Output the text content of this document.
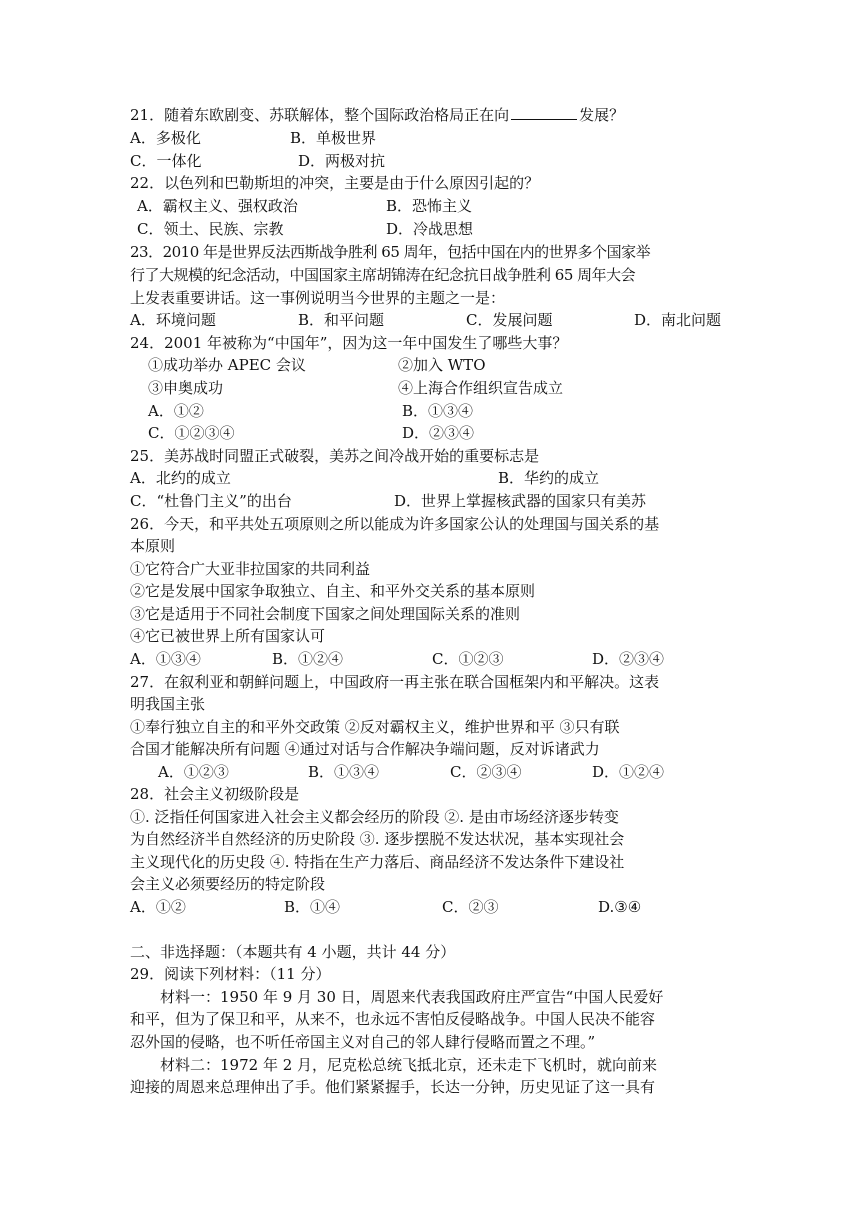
21．随着东欧剧变、苏联解体，整个国际政治格局正在向	发展？
A．多极化	B．单极世界
C．一体化	D．两极对抗
22．以色列和巴勒斯坦的冲突，主要是由于什么原因引起的？
A．霸权主义、强权政治	B．恐怖主义
C．领土、民族、宗教	D．冷战思想
23．2010 年是世界反法西斯战争胜利 65 周年，包括中国在内的世界多个国家举
行了大规模的纪念活动，中国国家主席胡锦涛在纪念抗日战争胜利 65 周年大会
上发表重要讲话。这一事例说明当今世界的主题之一是：
A．环境问题	B．和平问题	C．发展问题	D．南北问题
24．2001 年被称为“中国年”，因为这一年中国发生了哪些大事？
①成功举办 APEC 会议	②加入 WTO
③申奥成功	④上海合作组织宣告成立
A．①②	B．①③④
C．①②③④	D．②③④
25．美苏战时同盟正式破裂，美苏之间冷战开始的重要标志是
A．北约的成立	B．华约的成立
C．“杜鲁门主义”的出台	D．世界上掌握核武器的国家只有美苏
26．今天，和平共处五项原则之所以能成为许多国家公认的处理国与国关系的基
本原则
①它符合广大亚非拉国家的共同利益
②它是发展中国家争取独立、自主、和平外交关系的基本原则
③它是适用于不同社会制度下国家之间处理国际关系的准则
④它已被世界上所有国家认可
A．①③④	B．①②④	C．①②③	D．②③④
27．在叙利亚和朝鲜问题上，中国政府一再主张在联合国框架内和平解决。这表
明我国主张
①奉行独立自主的和平外交政策 ②反对霸权主义，维护世界和平 ③只有联
合国才能解决所有问题 ④通过对话与合作解决争端问题，反对诉诸武力
A．①②③	B．①③④	C．②③④	D．①②④
28．社会主义初级阶段是
①. 泛指任何国家进入社会主义都会经历的阶段 ②. 是由市场经济逐步转变
为自然经济半自然经济的历史阶段 ③. 逐步摆脱不发达状况，基本实现社会
主义现代化的历史段 ④. 特指在生产力落后、商品经济不发达条件下建设社
会主义必须要经历的特定阶段
A．①②	B．①④	C．②③	D.③④
二、非选择题：（本题共有 4 小题，共计 44 分）
29．阅读下列材料：（11 分）
材料一：1950 年 9 月 30 日，周恩来代表我国政府庄严宣告“中国人民爱好
和平，但为了保卫和平，从来不，也永远不害怕反侵略战争。中国人民决不能容
忍外国的侵略，也不听任帝国主义对自己的邻人肆行侵略而置之不理。”
材料二：1972 年 2 月，尼克松总统飞抵北京，还未走下飞机时，就向前来
迎接的周恩来总理伸出了手。他们紧紧握手，长达一分钟，历史见证了这一具有
